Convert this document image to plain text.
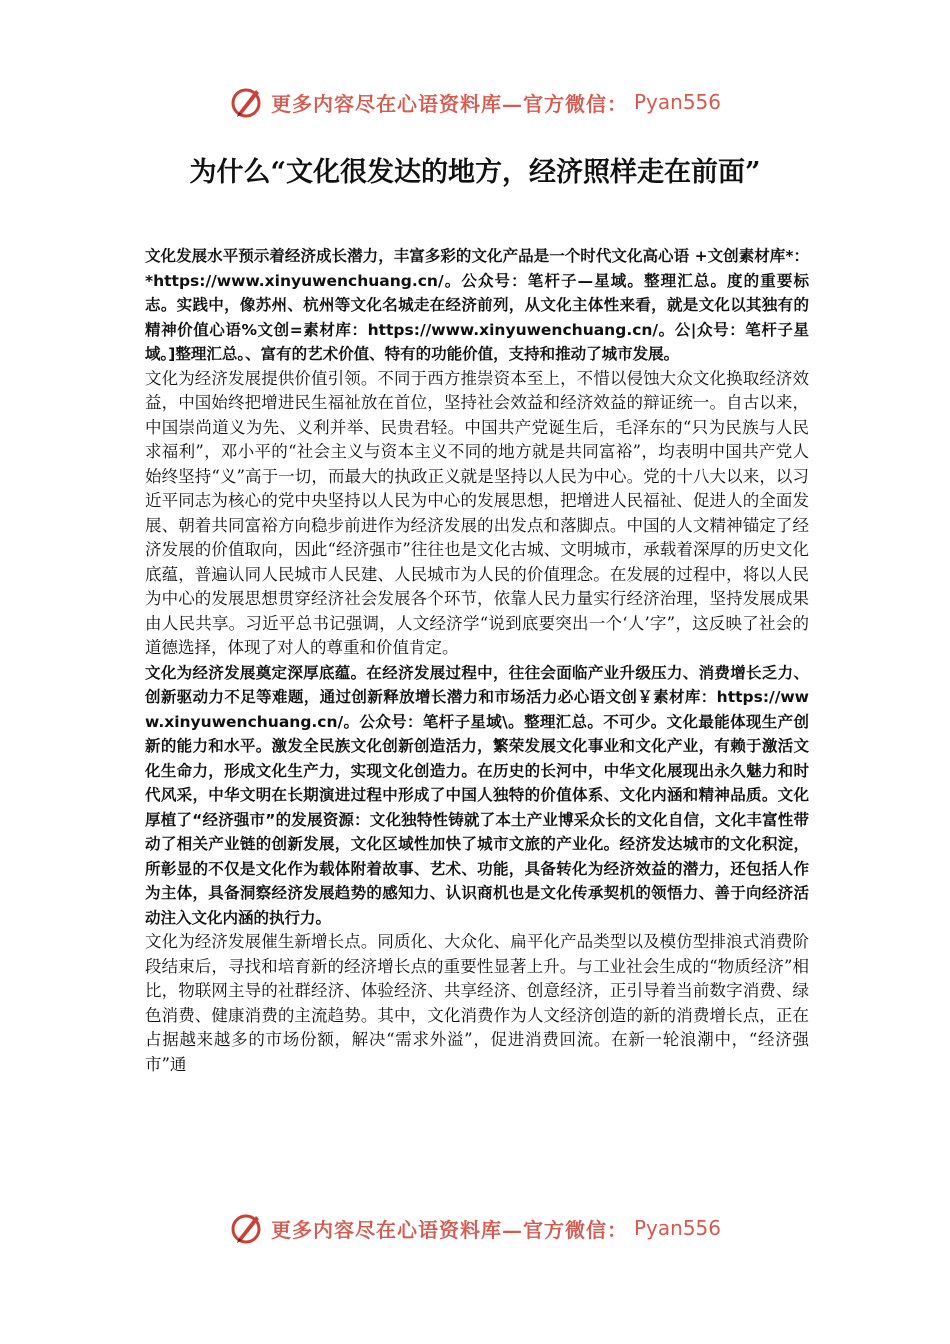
更多内容尽在心语资料库—官方微信： Pyan556
为什么“文化很发达的地方，经济照样走在前面”

文化发展水平预示着经济成长潜力，丰富多彩的文化产品是一个时代文化高心语 +文创素材库*：*https://www.xinyuwenchuang.cn/。公众号：笔杆子—星域。整理汇总。度的重要标志。实践中，像苏州、杭州等文化名城走在经济前列，从文化主体性来看，就是文化以其独有的精神价值心语%文创=素材库：https://www.xinyuwenchuang.cn/。公|众号：笔杆子星域。]整理汇总。、富有的艺术价值、特有的功能价值，支持和推动了城市发展。

文化为经济发展提供价值引领。不同于西方推崇资本至上，不惜以侵蚀大众文化换取经济效益，中国始终把增进民生福祉放在首位，坚持社会效益和经济效益的辩证统一。自古以来，中国崇尚道义为先、义利并举、民贵君轻。中国共产党诞生后，毛泽东的“只为民族与人民求福利”，邓小平的“社会主义与资本主义不同的地方就是共同富裕”，均表明中国共产党人始终坚持“义”高于一切，而最大的执政正义就是坚持以人民为中心。党的十八大以来，以习近平同志为核心的党中央坚持以人民为中心的发展思想，把增进人民福祉、促进人的全面发展、朝着共同富裕方向稳步前进作为经济发展的出发点和落脚点。中国的人文精神锚定了经济发展的价值取向，因此“经济强市”往往也是文化古城、文明城市，承载着深厚的历史文化底蕴，普遍认同人民城市人民建、人民城市为人民的价值理念。在发展的过程中，将以人民为中心的发展思想贯穿经济社会发展各个环节，依靠人民力量实行经济治理，坚持发展成果由人民共享。习近平总书记强调，人文经济学“说到底要突出一个‘人’字”，这反映了社会的道德选择，体现了对人的尊重和价值肯定。

文化为经济发展奠定深厚底蕴。在经济发展过程中，往往会面临产业升级压力、消费增长乏力、创新驱动力不足等难题，通过创新释放增长潜力和市场活力必心语文创￥素材库：https://www.xinyuwenchuang.cn/。公众号：笔杆子星域\。整理汇总。不可少。文化最能体现生产创新的能力和水平。激发全民族文化创新创造活力，繁荣发展文化事业和文化产业，有赖于激活文化生命力，形成文化生产力，实现文化创造力。在历史的长河中，中华文化展现出永久魅力和时代风采，中华文明在长期演进过程中形成了中国人独特的价值体系、文化内涵和精神品质。文化厚植了“经济强市”的发展资源：文化独特性铸就了本土产业博采众长的文化自信，文化丰富性带动了相关产业链的创新发展，文化区域性加快了城市文旅的产业化。经济发达城市的文化积淀，所彰显的不仅是文化作为载体附着故事、艺术、功能，具备转化为经济效益的潜力，还包括人作为主体，具备洞察经济发展趋势的感知力、认识商机也是文化传承契机的领悟力、善于向经济活动注入文化内涵的执行力。

文化为经济发展催生新增长点。同质化、大众化、扁平化产品类型以及模仿型排浪式消费阶段结束后，寻找和培育新的经济增长点的重要性显著上升。与工业社会生成的“物质经济”相比，物联网主导的社群经济、体验经济、共享经济、创意经济，正引导着当前数字消费、绿色消费、健康消费的主流趋势。其中，文化消费作为人文经济创造的新的消费增长点，正在占据越来越多的市场份额，解决“需求外溢”，促进消费回流。在新一轮浪潮中，“经济强市”通

更多内容尽在心语资料库—官方微信： Pyan556
